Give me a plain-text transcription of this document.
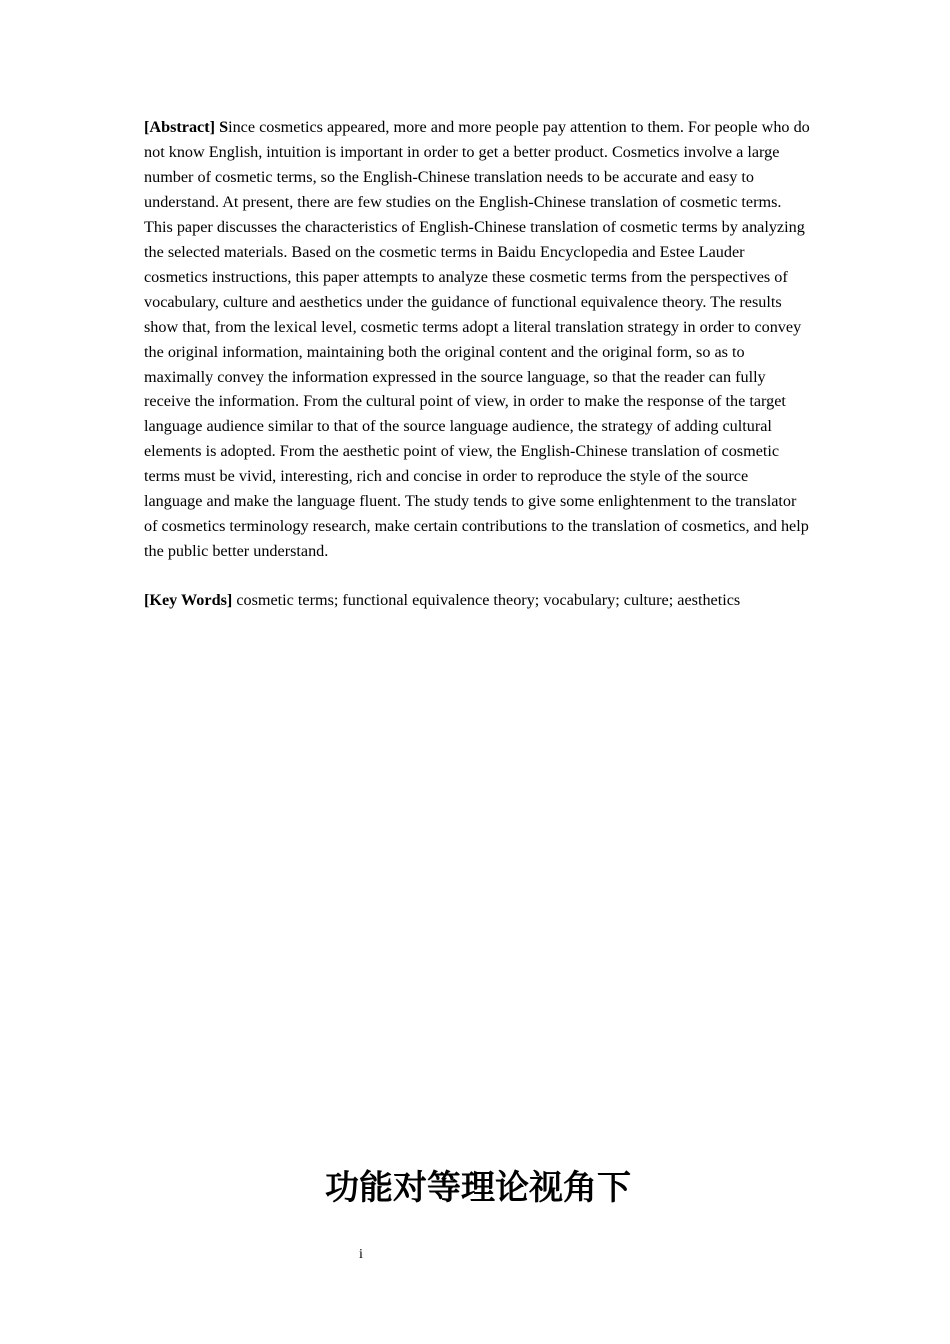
[Abstract] Since cosmetics appeared, more and more people pay attention to them. For people who do not know English, intuition is important in order to get a better product. Cosmetics involve a large number of cosmetic terms, so the English-Chinese translation needs to be accurate and easy to understand. At present, there are few studies on the English-Chinese translation of cosmetic terms. This paper discusses the characteristics of English-Chinese translation of cosmetic terms by analyzing the selected materials. Based on the cosmetic terms in Baidu Encyclopedia and Estee Lauder cosmetics instructions, this paper attempts to analyze these cosmetic terms from the perspectives of vocabulary, culture and aesthetics under the guidance of functional equivalence theory. The results show that, from the lexical level, cosmetic terms adopt a literal translation strategy in order to convey the original information, maintaining both the original content and the original form, so as to maximally convey the information expressed in the source language, so that the reader can fully receive the information. From the cultural point of view, in order to make the response of the target language audience similar to that of the source language audience, the strategy of adding cultural elements is adopted. From the aesthetic point of view, the English-Chinese translation of cosmetic terms must be vivid, interesting, rich and concise in order to reproduce the style of the source language and make the language fluent. The study tends to give some enlightenment to the translator of cosmetics terminology research, make certain contributions to the translation of cosmetics, and help the public better understand.

[Key Words] cosmetic terms; functional equivalence theory; vocabulary; culture; aesthetics
功能对等理论视角下
i
